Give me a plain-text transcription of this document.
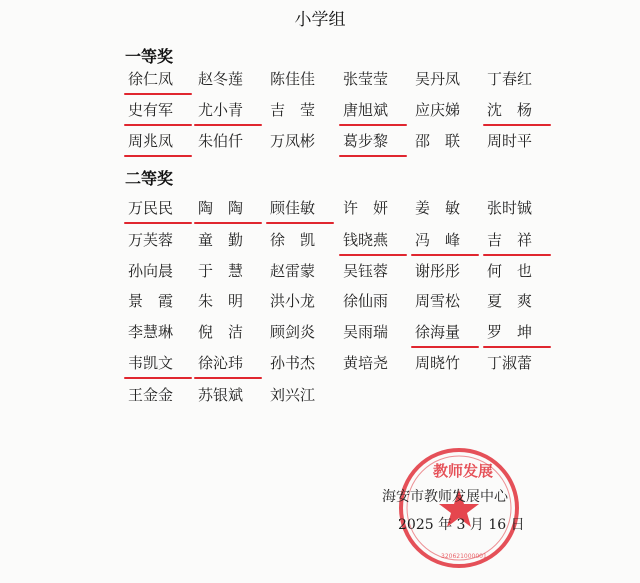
小学组
一等奖
二等奖
徐仁凤	赵冬莲	陈佳佳	张莹莹	吴丹凤	丁春红
史有军	尤小青	吉　莹	唐旭斌	应庆娣	沈　杨
周兆凤	朱伯仟	万凤彬	葛步黎	邵　联	周时平
万民民	陶　陶	顾佳敏	许　妍	姜　敏	张时铖
万芙蓉	童　勤	徐　凯	钱晓燕	冯　峰	吉　祥
孙向晨	于　慧	赵雷蒙	吴钰蓉	谢彤彤	何　也
景　霞	朱　明	洪小龙	徐仙雨	周雪松	夏　爽
李慧琳	倪　洁	顾剑炎	吴雨瑞	徐海量	罗　坤
韦凯文	徐沁玮	孙书杰	黄培尧	周晓竹	丁淑蕾
王金金	苏银斌	刘兴江
教师发展
320621000001
海安市教师发展中心
2025 年 3 月 16 日
